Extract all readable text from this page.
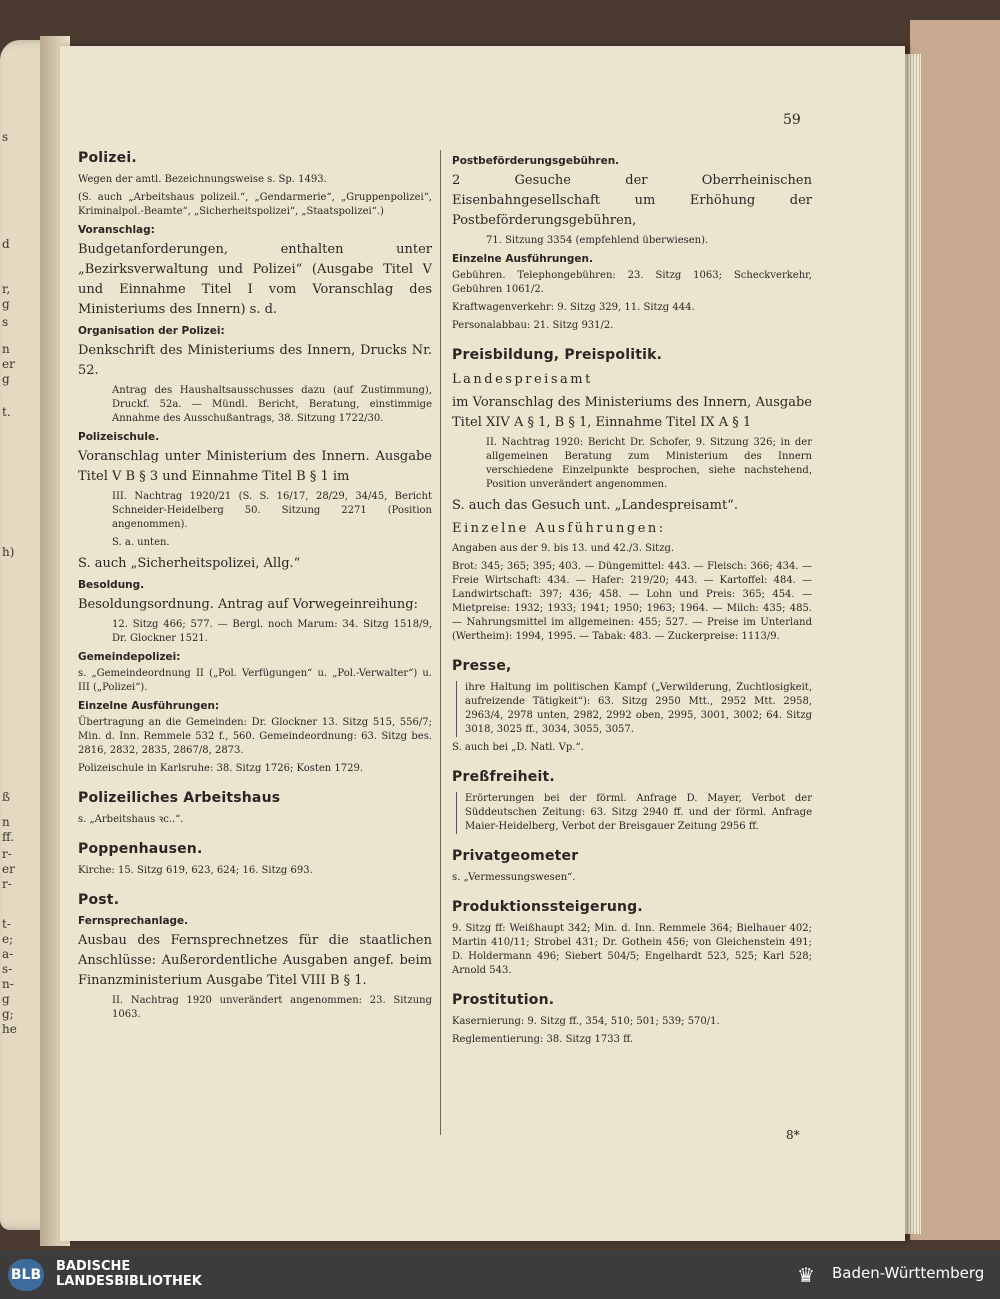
s
d
r,
g
s
n
er
g
t.
h)
ß
n
ff.
r-
er
r-
t-
e;
a-
s-
n-
g
g;
he
59
Polizei.
Wegen der amtl. Bezeichnungsweise s. Sp. 1493.
(S. auch „Arbeitshaus polizeil.“, „Gendarmerie“, „Gruppenpolizei“, Kriminalpol.-Beamte“, „Sicherheitspolizei“, „Staatspolizei“.)
Voranschlag:
Budgetanforderungen, enthalten unter „Bezirksverwaltung und Polizei“ (Ausgabe Titel V und Einnahme Titel I vom Voranschlag des Ministeriums des Innern) s. d.
Organisation der Polizei:
Denkschrift des Ministeriums des Innern, Drucks Nr. 52.
Antrag des Haushaltsausschusses dazu (auf Zustimmung), Druckf. 52a. — Mündl. Bericht, Beratung, einstimmige Annahme des Ausschußantrags, 38. Sitzung 1722/30.
Polizeischule.
Voranschlag unter Ministerium des Innern. Ausgabe Titel V B § 3 und Einnahme Titel B § 1 im
III. Nachtrag 1920/21 (S. S. 16/17, 28/29, 34/45, Bericht Schneider-Heidelberg 50. Sitzung 2271 (Position angenommen).
S. a. unten.
S. auch „Sicherheitspolizei, Allg.“
Besoldung.
Besoldungsordnung. Antrag auf Vorwegeinreihung:
12. Sitzg 466; 577. — Bergl. noch Marum: 34. Sitzg 1518/9, Dr. Glockner 1521.
Gemeindepolizei:
s. „Gemeindeordnung II („Pol. Verfügungen“ u. „Pol.-Verwalter“) u. III („Polizei“).
Einzelne Ausführungen:
Übertragung an die Gemeinden: Dr. Glockner 13. Sitzg 515, 556/7; Min. d. Inn. Remmele 532 f., 560. Gemeindeordnung: 63. Sitzg bes. 2816, 2832, 2835, 2867/8, 2873.
Polizeischule in Karlsruhe: 38. Sitzg 1726; Kosten 1729.
Polizeiliches Arbeitshaus
s. „Arbeitshaus ꝛc..“.
Poppenhausen.
Kirche: 15. Sitzg 619, 623, 624; 16. Sitzg 693.
Post.
Fernsprechanlage.
Ausbau des Fernsprechnetzes für die staatlichen Anschlüsse: Außerordentliche Ausgaben angef. beim Finanzministerium Ausgabe Titel VIII B § 1.
II. Nachtrag 1920 unverändert angenommen: 23. Sitzung 1063.
Postbeförderungsgebühren.
2 Gesuche der Oberrheinischen Eisenbahngesellschaft um Erhöhung der Postbeförderungsgebühren,
71. Sitzung 3354 (empfehlend überwiesen).
Einzelne Ausführungen.
Gebühren. Telephongebühren: 23. Sitzg 1063; Scheckverkehr, Gebühren 1061/2.
Kraftwagenverkehr: 9. Sitzg 329, 11. Sitzg 444.
Personalabbau: 21. Sitzg 931/2.
Preisbildung, Preispolitik.
Landespreisamt
im Voranschlag des Ministeriums des Innern, Ausgabe Titel XIV A § 1, B § 1, Einnahme Titel IX A § 1
II. Nachtrag 1920: Bericht Dr. Schofer, 9. Sitzung 326; in der allgemeinen Beratung zum Ministerium des Innern verschiedene Einzelpunkte besprochen, siehe nachstehend, Position unverändert angenommen.
S. auch das Gesuch unt. „Landespreisamt“.
Einzelne Ausführungen:
Angaben aus der 9. bis 13. und 42./3. Sitzg.
Brot: 345; 365; 395; 403. — Düngemittel: 443. — Fleisch: 366; 434. — Freie Wirtschaft: 434. — Hafer: 219/20; 443. — Kartoffel: 484. — Landwirtschaft: 397; 436; 458. — Lohn und Preis: 365; 454. — Mietpreise: 1932; 1933; 1941; 1950; 1963; 1964. — Milch: 435; 485. — Nahrungsmittel im allgemeinen: 455; 527. — Preise im Unterland (Wertheim): 1994, 1995. — Tabak: 483. — Zuckerpreise: 1113/9.
Presse,
ihre Haltung im politischen Kampf („Verwilderung, Zuchtlosigkeit, aufreizende Tätigkeit“): 63. Sitzg 2950 Mtt., 2952 Mtt. 2958, 2963/4, 2978 unten, 2982, 2992 oben, 2995, 3001, 3002; 64. Sitzg 3018, 3025 ff., 3034, 3055, 3057.
S. auch bei „D. Natl. Vp.“.
Preßfreiheit.
Erörterungen bei der förml. Anfrage D. Mayer, Verbot der Süddeutschen Zeitung: 63. Sitzg 2940 ff. und der förml. Anfrage Maier-Heidelberg, Verbot der Breisgauer Zeitung 2956 ff.
Privatgeometer
s. „Vermessungswesen“.
Produktionssteigerung.
9. Sitzg ff: Weißhaupt 342; Min. d. Inn. Remmele 364; Bielhauer 402; Martin 410/11; Strobel 431; Dr. Gothein 456; von Gleichenstein 491; D. Holdermann 496; Siebert 504/5; Engelhardt 523, 525; Karl 528; Arnold 543.
Prostitution.
Kasernierung: 9. Sitzg ff., 354, 510; 501; 539; 570/1.
Reglementierung: 38. Sitzg 1733 ff.
8*
BLB
BADISCHE
LANDESBIBLIOTHEK	♛	Baden-Württemberg
